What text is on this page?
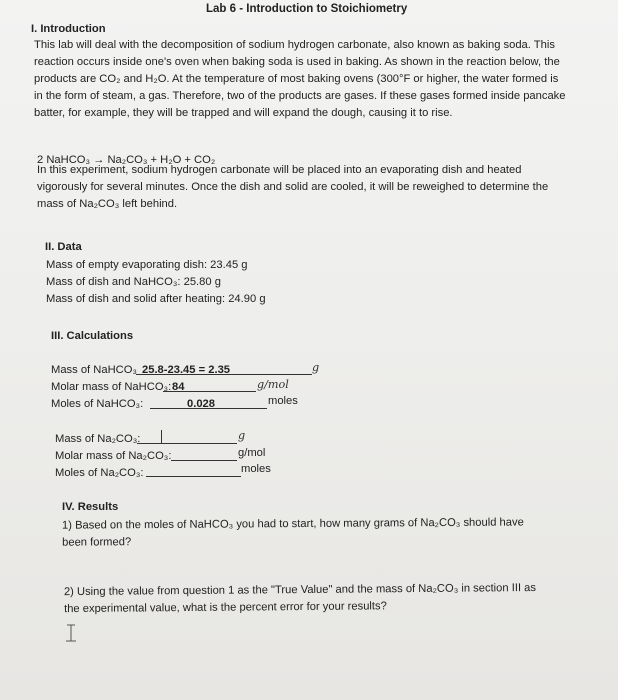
Lab 6 - Introduction to Stoichiometry
I. Introduction
This lab will deal with the decomposition of sodium hydrogen carbonate, also known as baking soda. This reaction occurs inside one's oven when baking soda is used in baking. As shown in the reaction below, the products are CO₂ and H₂O. At the temperature of most baking ovens (300°F or higher, the water formed is in the form of steam, a gas. Therefore, two of the products are gases. If these gases formed inside pancake batter, for example, they will be trapped and will expand the dough, causing it to rise.
2 NaHCO₃ → Na₂CO₃ + H₂O + CO₂
In this experiment, sodium hydrogen carbonate will be placed into an evaporating dish and heated vigorously for several minutes. Once the dish and solid are cooled, it will be reweighed to determine the mass of Na₂CO₃ left behind.
II. Data
Mass of empty evaporating dish: 23.45 g
Mass of dish and NaHCO₃: 25.80 g
Mass of dish and solid after heating: 24.90 g
III. Calculations
Mass of NaHCO₃ 25.8-23.45 = 2.35	g
Molar mass of NaHCO₃: 84	g/mol
Moles of NaHCO₃:	0.028	moles
Mass of Na₂CO₃:	g
Molar mass of Na₂CO₃:	g/mol
Moles of Na₂CO₃:	moles
IV. Results
1) Based on the moles of NaHCO₃ you had to start, how many grams of Na₂CO₃ should have been formed?
2) Using the value from question 1 as the "True Value" and the mass of Na₂CO₃ in section III as the experimental value, what is the percent error for your results?
